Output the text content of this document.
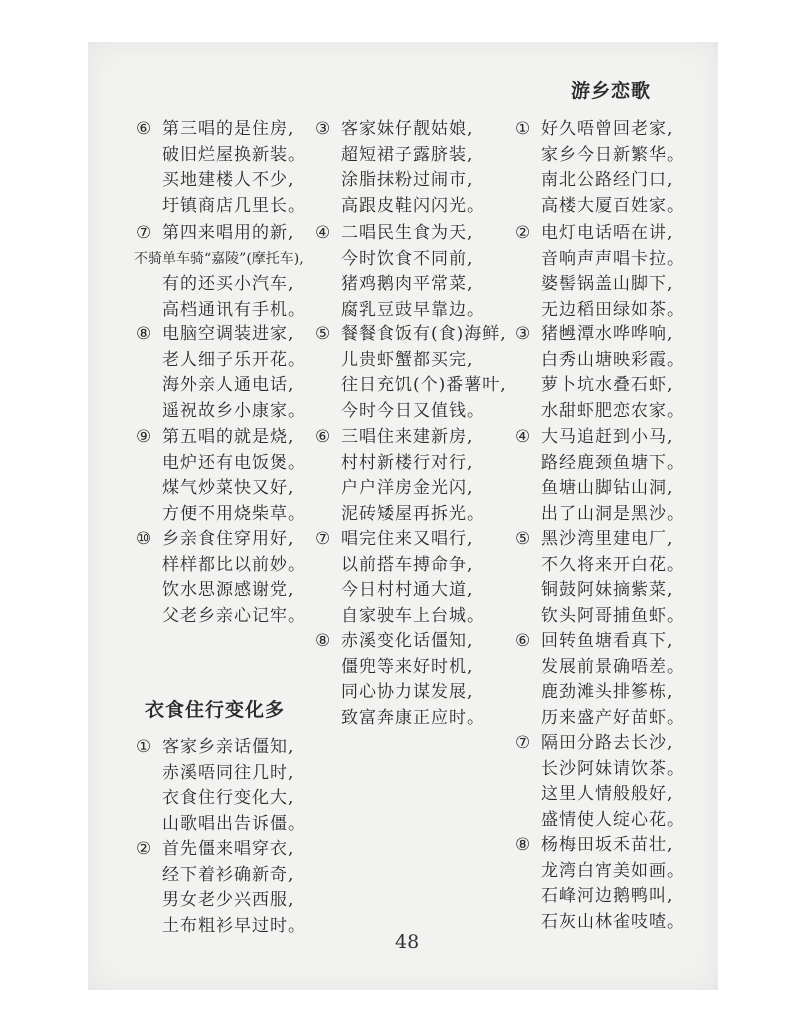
游乡恋歌
衣食住行变化多
⑥ 第三唱的是住房,
破旧烂屋换新装。
买地建楼人不少,
圩镇商店几里长。
⑦ 第四来唱用的新,
不骑单车骑“嘉陵”(摩托车),
有的还买小汽车,
高档通讯有手机。
⑧ 电脑空调装进家,
老人细子乐开花。
海外亲人通电话,
遥祝故乡小康家。
⑨ 第五唱的就是烧,
电炉还有电饭煲。
煤气炒菜快又好,
方便不用烧柴草。
⑩ 乡亲食住穿用好,
样样都比以前妙。
饮水思源感谢党,
父老乡亲心记牢。
① 客家乡亲话僵知,
赤溪唔同往几时,
衣食住行变化大,
山歌唱出告诉僵。
② 首先僵来唱穿衣,
经下着衫确新奇,
男女老少兴西服,
土布粗衫早过时。
③ 客家妹仔靓姑娘,
超短裙子露脐装,
涂脂抹粉过闹市,
高跟皮鞋闪闪光。
④ 二唱民生食为天,
今时饮食不同前,
猪鸡鹅肉平常菜,
腐乳豆豉早靠边。
⑤ 餐餐食饭有(食)海鲜,
儿贵虾蟹都买完,
往日充饥(个)番薯叶,
今时今日又值钱。
⑥ 三唱住来建新房,
村村新楼行对行,
户户洋房金光闪,
泥砖矮屋再拆光。
⑦ 唱完住来又唱行,
以前搭车搏命争,
今日村村通大道,
自家驶车上台城。
⑧ 赤溪变化话僵知,
僵兜等来好时机,
同心协力谋发展,
致富奔康正应时。
① 好久唔曾回老家,
家乡今日新繁华。
南北公路经门口,
高楼大厦百姓家。
② 电灯电话唔在讲,
音响声声唱卡拉。
婆髻锅盖山脚下,
无边稻田绿如茶。
③ 猪乸潭水哗哗响,
白秀山塘映彩霞。
萝卜坑水叠石虾,
水甜虾肥恋农家。
④ 大马追赶到小马,
路经鹿颈鱼塘下。
鱼塘山脚钻山洞,
出了山洞是黑沙。
⑤ 黑沙湾里建电厂,
不久将来开白花。
铜鼓阿妹摘紫菜,
钦头阿哥捕鱼虾。
⑥ 回转鱼塘看真下,
发展前景确唔差。
鹿劲滩头排篸栋,
历来盛产好苗虾。
⑦ 隔田分路去长沙,
长沙阿妹请饮茶。
这里人情般般好,
盛情使人绽心花。
⑧ 杨梅田坂禾苗壮,
龙湾白宵美如画。
石峰河边鹅鸭叫,
石灰山林雀吱喳。
48
